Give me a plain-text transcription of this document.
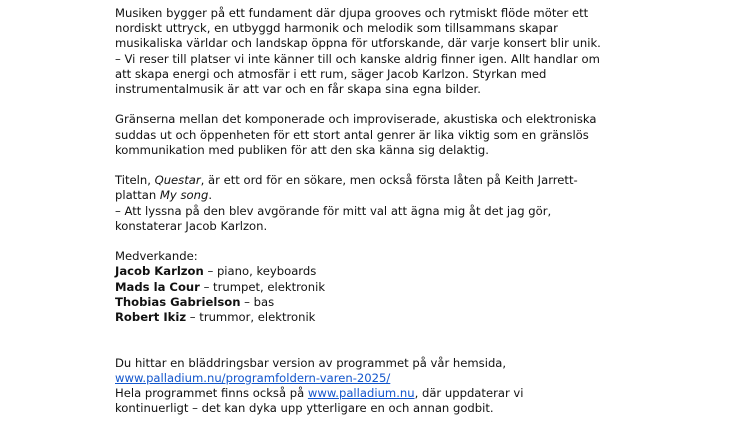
Musiken bygger på ett fundament där djupa grooves och rytmiskt flöde möter ett
nordiskt uttryck, en utbyggd harmonik och melodik som tillsammans skapar
musikaliska världar och landskap öppna för utforskande, där varje konsert blir unik.
– Vi reser till platser vi inte känner till och kanske aldrig finner igen. Allt handlar om
att skapa energi och atmosfär i ett rum, säger Jacob Karlzon. Styrkan med
instrumentalmusik är att var och en får skapa sina egna bilder.

Gränserna mellan det komponerade och improviserade, akustiska och elektroniska
suddas ut och öppenheten för ett stort antal genrer är lika viktig som en gränslös
kommunikation med publiken för att den ska känna sig delaktig.

Titeln, Questar, är ett ord för en sökare, men också första låten på Keith Jarrett-
plattan My song.
– Att lyssna på den blev avgörande för mitt val att ägna mig åt det jag gör,
konstaterar Jacob Karlzon.

Medverkande:
Jacob Karlzon – piano, keyboards
Mads la Cour – trumpet, elektronik
Thobias Gabrielson – bas
Robert Ikiz – trummor, elektronik

Du hittar en bläddringsbar version av programmet på vår hemsida,
www.palladium.nu/programfoldern-varen-2025/
Hela programmet finns också på www.palladium.nu, där uppdaterar vi
kontinuerligt – det kan dyka upp ytterligare en och annan godbit.
